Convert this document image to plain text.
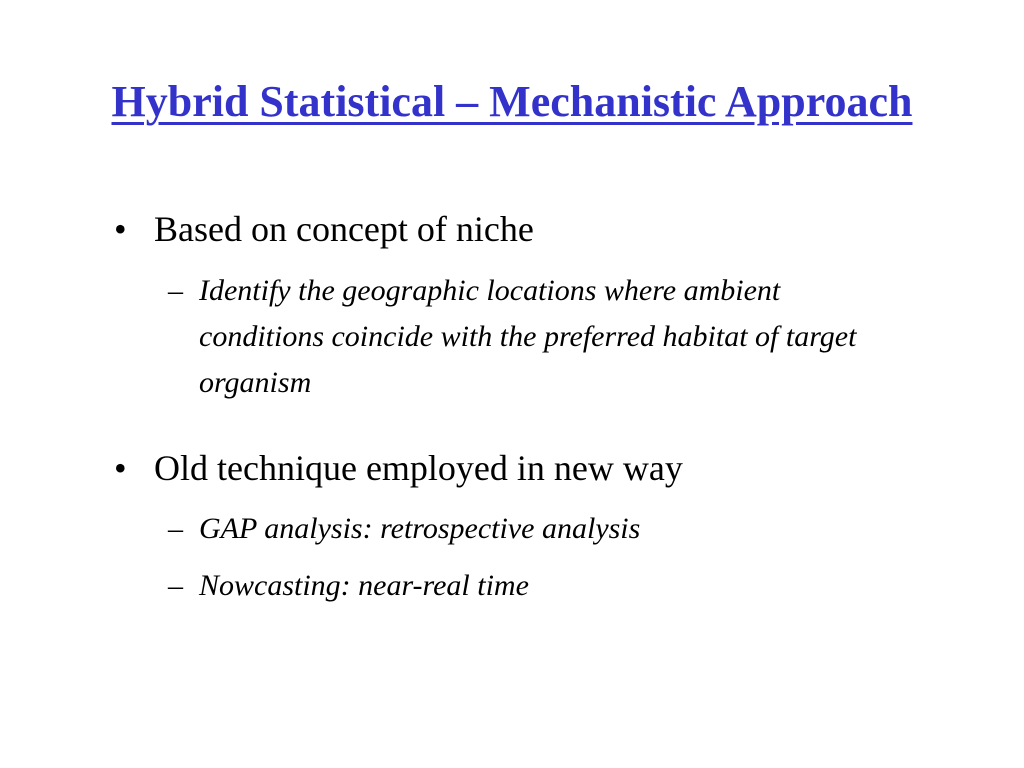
Hybrid Statistical – Mechanistic Approach
• Based on concept of niche
– Identify the geographic locations where ambient conditions coincide with the preferred habitat of target organism
• Old technique employed in new way
– GAP analysis: retrospective analysis
– Nowcasting: near-real time
